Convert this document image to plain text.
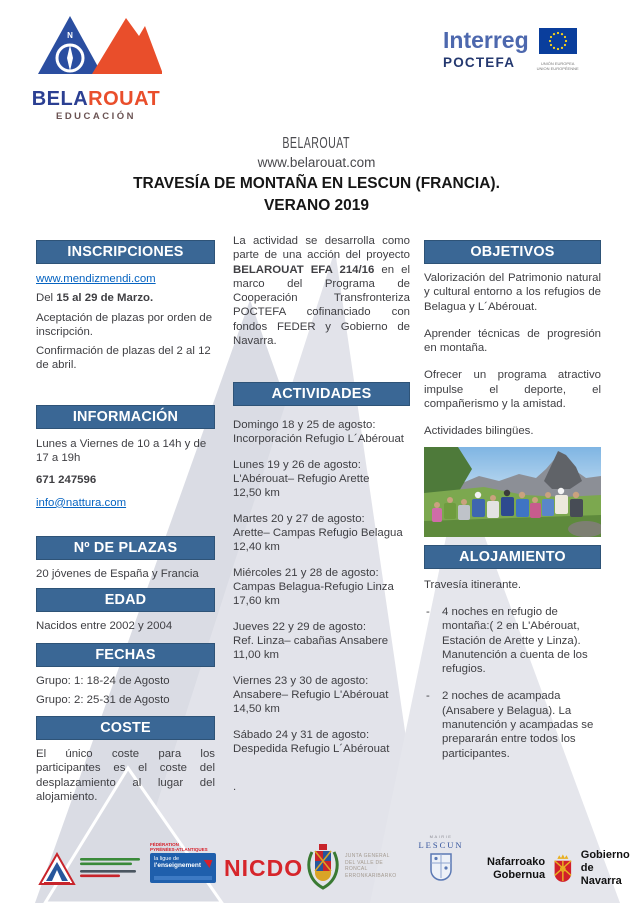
N
BELAROUAT
EDUCACIÓN
Interreg
POCTEFA	UNIÓN EUROPEA
UNION EUROPÉENNE
BELAROUAT
www.belarouat.com
TRAVESÍA DE MONTAÑA EN LESCUN (FRANCIA).
VERANO 2019
INSCRIPCIONES

www.mendizmendi.com

Del 15 al 29 de Marzo.

Aceptación de plazas por orden de inscripción.

Confirmación de plazas del 2 al 12 de abril.

INFORMACIÓN

Lunes a Viernes de 10 a 14h y de 17 a 19h

671 247596

info@nattura.com

Nº DE PLAZAS

20 jóvenes de España y Francia

EDAD

Nacidos entre 2002 y 2004

FECHAS

Grupo: 1: 18-24 de Agosto

Grupo: 2: 25-31 de Agosto

COSTE

El único coste para los participantes es el coste del desplazamiento al lugar del alojamiento.

La actividad se desarrolla como parte de una acción del proyecto BELAROUAT EFA 214/16 en el marco del Programa de Cooperación Transfronteriza POCTEFA cofinanciado con fondos FEDER y Gobierno de Navarra.

ACTIVIDADES
Domingo 18 y 25 de agosto:
Incorporación Refugio L´Abérouat
Lunes 19 y 26 de agosto:
L'Abérouat– Refugio Arette
12,50 km
Martes 20 y 27 de agosto:
Arette– Campas Refugio Belagua
12,40 km
Miércoles 21 y 28 de agosto:
Campas Belagua-Refugio Linza
17,60 km
Jueves 22 y 29 de agosto:
Ref. Linza– cabañas Ansabere
11,00 km
Viernes 23 y 30 de agosto:
Ansabere– Refugio L'Abérouat
14,50 km
Sábado 24 y 31 de agosto:
Despedida Refugio L´Abérouat

.

OBJETIVOS

Valorización del Patrimonio natural y cultural entorno a los refugios de Belagua y L´Abérouat.

Aprender técnicas de progresión en montaña.

Ofrecer un programa atractivo impulse el deporte, el compañerismo y la amistad.

Actividades bilingües.

ALOJAMIENTO

Travesía itinerante.

-	4 noches en refugio de montaña:( 2 en L'Abérouat, Estación de Arette y Linza). Manutención a cuenta de los refugios.
-	2 noches de acampada (Ansabere y Belagua). La manutención y acampadas se prepararán entre todos los participantes.
FÉDÉRATION
PYRÉNÉES-ATLANTIQUES
la ligue de
l'enseignement NICDO	JUNTA GENERAL
DEL VALLE DE
RONCAL
ERRONKARIBARKO
MAIRIE
LESCUN
Nafarroako
Gobernua
Gobierno
de Navarra
